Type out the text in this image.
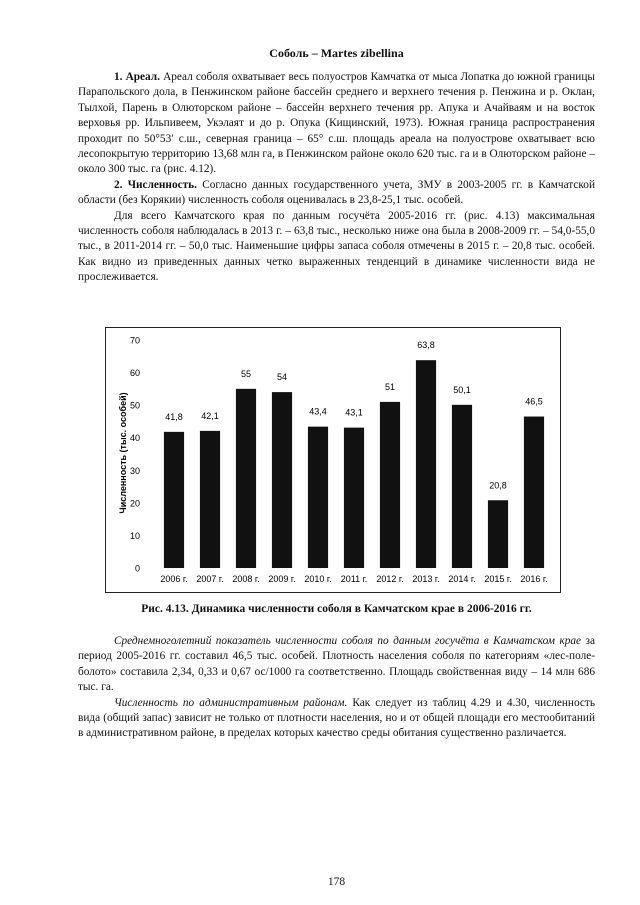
Соболь – Martes zibellina

1. Ареал. Ареал соболя охватывает весь полуостров Камчатка от мыса Лопатка до южной границы Парапольского дола, в Пенжинском районе бассейн среднего и верхнего течения р. Пенжина и р. Оклан, Тылхой, Парень в Олюторском районе – бассейн верхнего течения рр. Апука и Ачайваям и на восток верховья рр. Ильпивеем, Укэлаят и до р. Опука (Кищинский, 1973). Южная граница распространения проходит по 50°53′ с.ш., северная граница – 65° с.ш. площадь ареала на полуострове охватывает всю лесопокрытую территорию 13,68 млн га, в Пенжинском районе около 620 тыс. га и в Олюторском районе – около 300 тыс. га (рис. 4.12).

2. Численность. Согласно данных государственного учета, ЗМУ в 2003-2005 гг. в Камчатской области (без Корякии) численность соболя оценивалась в 23,8-25,1 тыс. особей.

Для всего Камчатского края по данным госучёта 2005-2016 гг. (рис. 4.13) максимальная численность соболя наблюдалась в 2013 г. – 63,8 тыс., несколько ниже она была в 2008-2009 гг. – 54,0-55,0 тыс., в 2011-2014 гг. – 50,0 тыс. Наименьшие цифры запаса соболя отмечены в 2015 г. – 20,8 тыс. особей. Как видно из приведенных данных четко выраженных тенденций в динамике численности вида не прослеживается.

Численность (тыс. особей)
0
10
20
30
40
50
60
70
41,8 42,1
55	54
43,4 43,1
51
63,8
50,1
20,8
46,5
2006 г. 2007 г. 2008 г. 2009 г. 2010 г. 2011 г. 2012 г. 2013 г. 2014 г. 2015 г. 2016 г.
Рис. 4.13. Динамика численности соболя в Камчатском крае в 2006-2016 гг.

Среднемноголетний показатель численности соболя по данным госучёта в Камчатском крае за период 2005-2016 гг. составил 46,5 тыс. особей. Плотность населения соболя по категориям «лес-поле-болото» составила 2,34, 0,33 и 0,67 ос/1000 га соответственно. Площадь свойственная виду – 14 млн 686 тыс. га.

Численность по административным районам. Как следует из таблиц 4.29 и 4.30, численность вида (общий запас) зависит не только от плотности населения, но и от общей площади его местообитаний в административном районе, в пределах которых качество среды обитания существенно различается.

178
